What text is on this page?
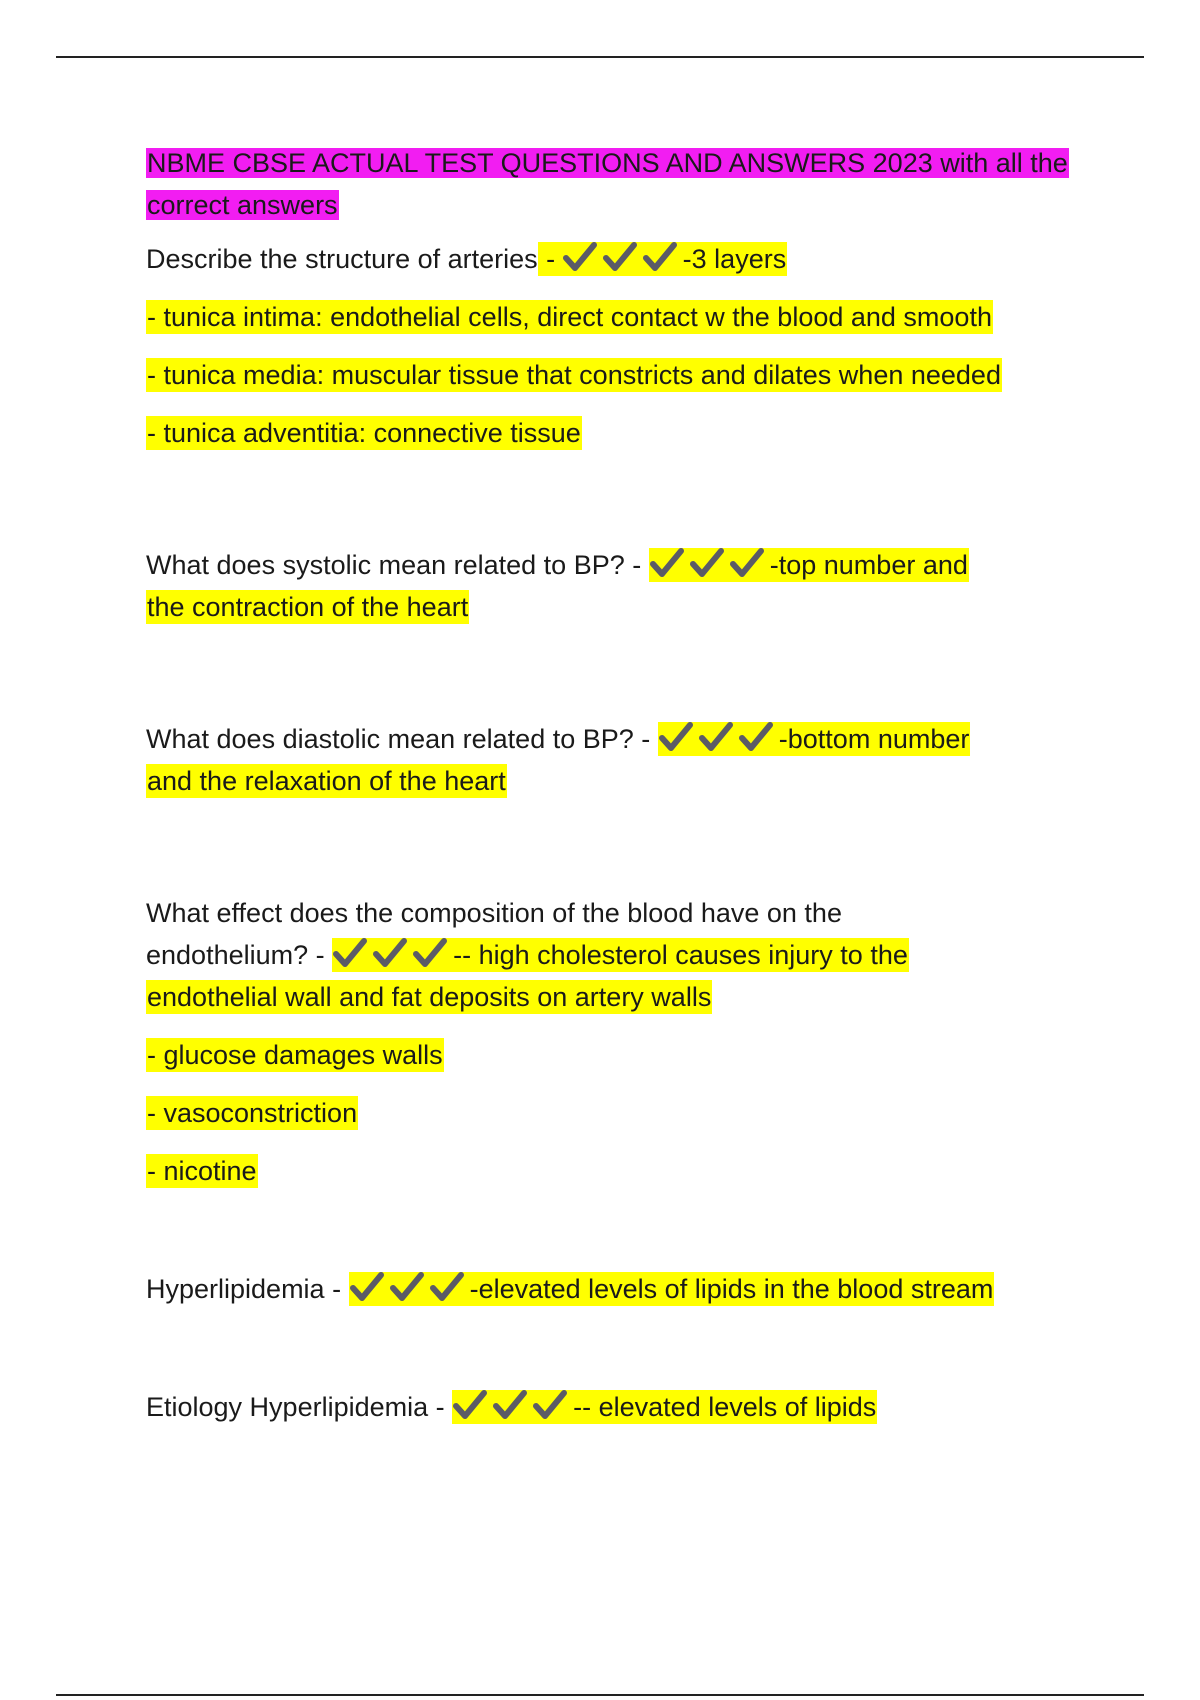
NBME CBSE ACTUAL TEST QUESTIONS AND ANSWERS 2023 with all the
correct answers
Describe the structure of arteries -	-3 layers
- tunica intima: endothelial cells, direct contact w the blood and smooth
- tunica media: muscular tissue that constricts and dilates when needed
- tunica adventitia: connective tissue
What does systolic mean related to BP? -	-top number and
the contraction of the heart
What does diastolic mean related to BP? -	-bottom number
and the relaxation of the heart
What effect does the composition of the blood have on the
endothelium? -	-- high cholesterol causes injury to the
endothelial wall and fat deposits on artery walls
- glucose damages walls
- vasoconstriction
- nicotine
Hyperlipidemia -	-elevated levels of lipids in the blood stream
Etiology Hyperlipidemia -	-- elevated levels of lipids
